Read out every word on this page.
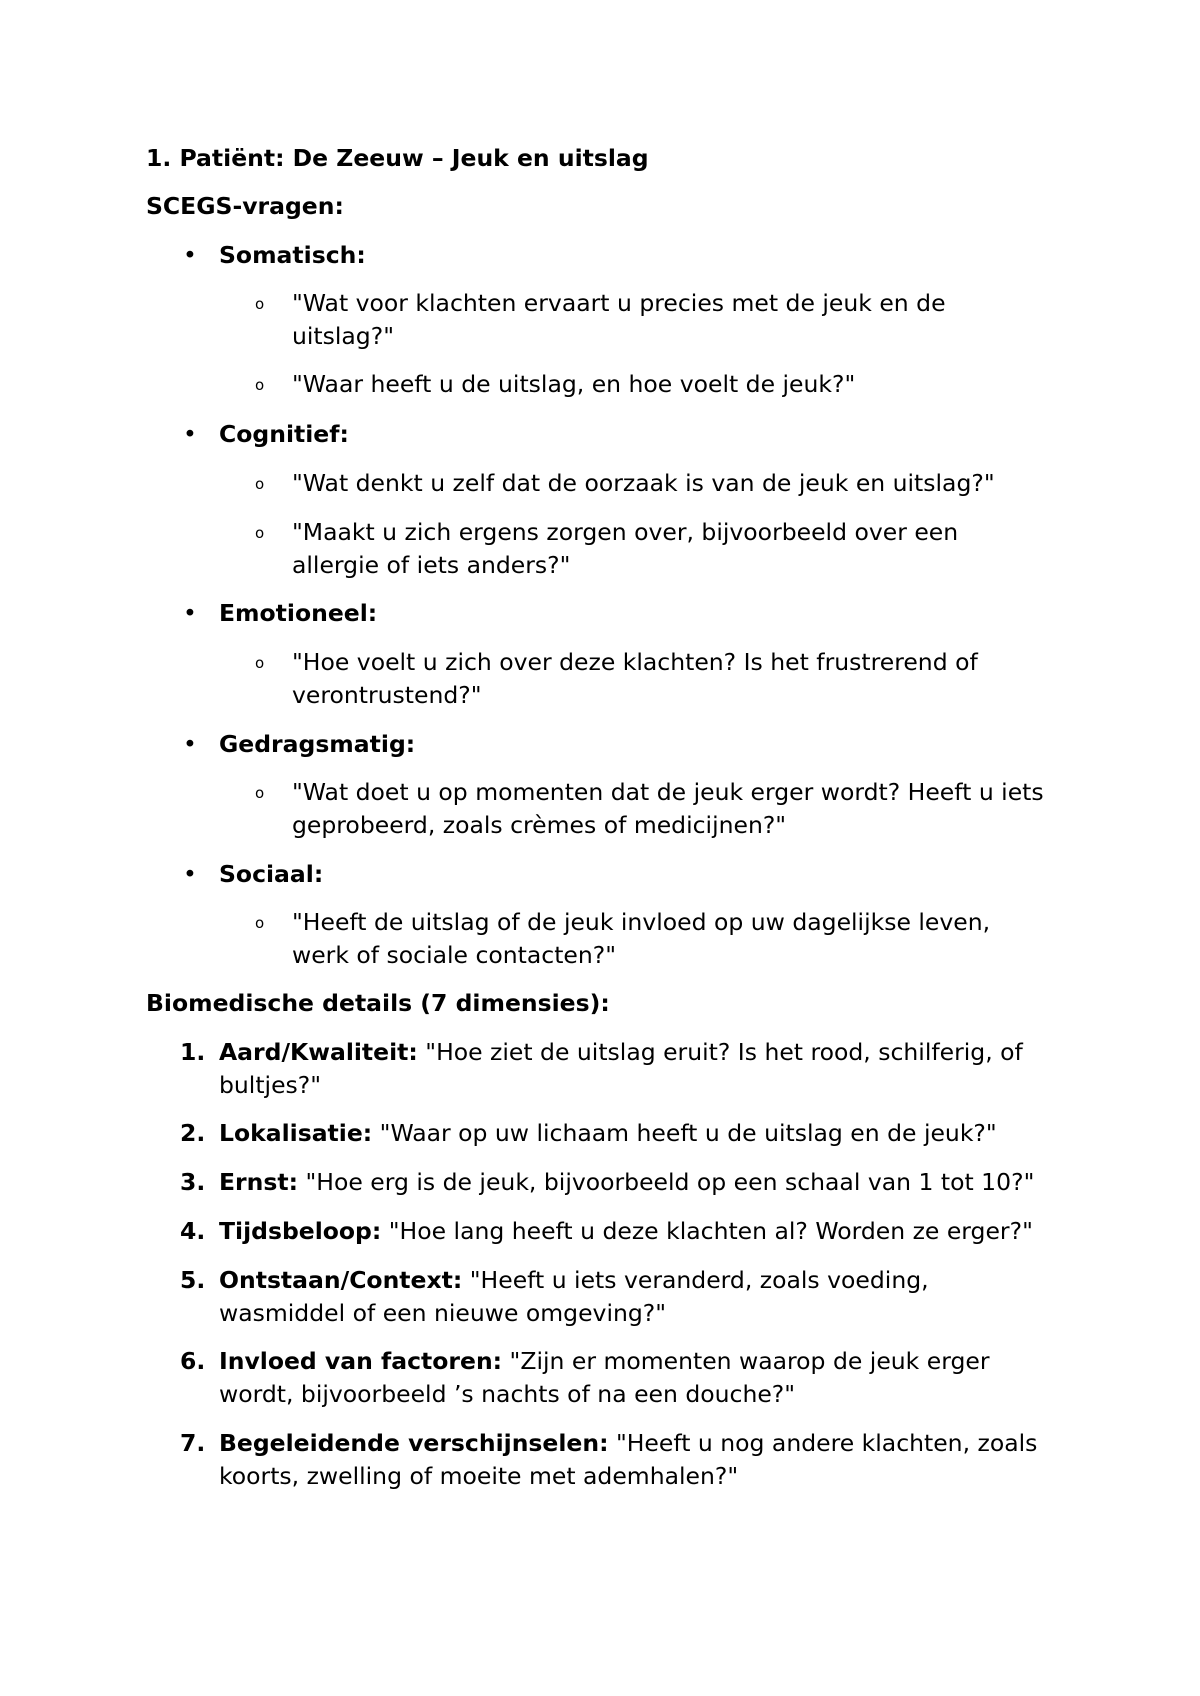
1. Patiënt: De Zeeuw – Jeuk en uitslag
SCEGS-vragen:
• Somatisch:
o "Wat voor klachten ervaart u precies met de jeuk en de uitslag?"
o "Waar heeft u de uitslag, en hoe voelt de jeuk?"
• Cognitief:
o "Wat denkt u zelf dat de oorzaak is van de jeuk en uitslag?"
o "Maakt u zich ergens zorgen over, bijvoorbeeld over een allergie of iets anders?"
• Emotioneel:
o "Hoe voelt u zich over deze klachten? Is het frustrerend of verontrustend?"
• Gedragsmatig:
o "Wat doet u op momenten dat de jeuk erger wordt? Heeft u iets geprobeerd, zoals crèmes of medicijnen?"
• Sociaal:
o "Heeft de uitslag of de jeuk invloed op uw dagelijkse leven, werk of sociale contacten?"
Biomedische details (7 dimensies):
1. Aard/Kwaliteit: "Hoe ziet de uitslag eruit? Is het rood, schilferig, of bultjes?"
2. Lokalisatie: "Waar op uw lichaam heeft u de uitslag en de jeuk?"
3. Ernst: "Hoe erg is de jeuk, bijvoorbeeld op een schaal van 1 tot 10?"
4. Tijdsbeloop: "Hoe lang heeft u deze klachten al? Worden ze erger?"
5. Ontstaan/Context: "Heeft u iets veranderd, zoals voeding, wasmiddel of een nieuwe omgeving?"
6. Invloed van factoren: "Zijn er momenten waarop de jeuk erger wordt, bijvoorbeeld ’s nachts of na een douche?"
7. Begeleidende verschijnselen: "Heeft u nog andere klachten, zoals koorts, zwelling of moeite met ademhalen?"
